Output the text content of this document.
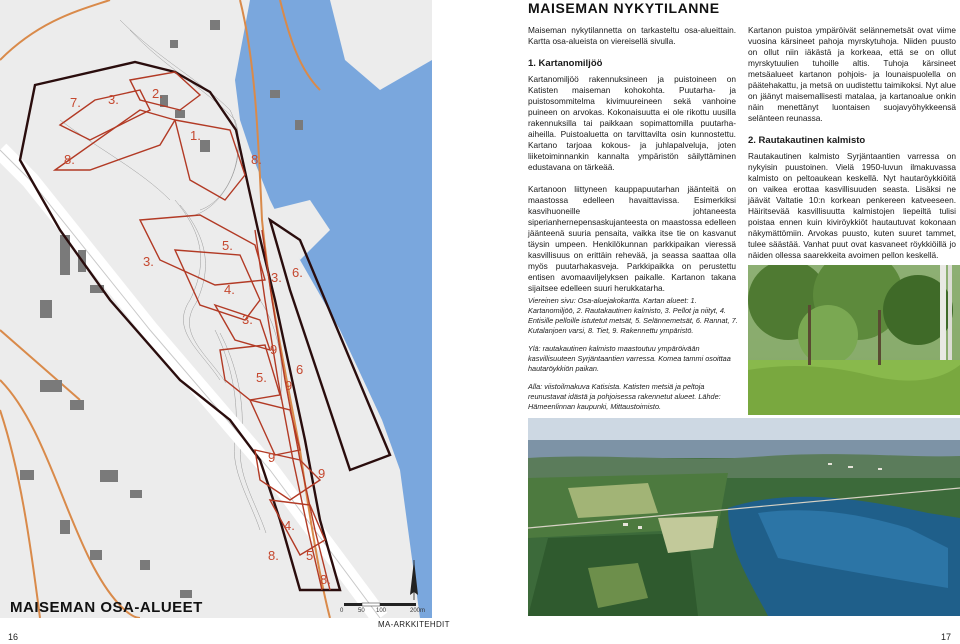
7. 3.	2.
1.
8.	8.
3.
5.
4.
3. 6.
3.
9
6
5.
9
9
9
4.
8. 5.
8.
MAISEMAN OSA-ALUEET	0 50 100	200m
MA-ARKKITEHDIT
16	17
MAISEMAN NYKYTILANNE

Maiseman nykytilannetta on tarkasteltu osa-alueittain. Kartta osa-alueista on viereisellä sivulla.

1. Kartanomiljöö

Kartanomiljöö rakennuksineen ja puistoineen on Katisten maiseman kohokohta. Puutarha- ja puistosommitelma kivimuureineen sekä vanhoine puineen on arvokas. Kokonaisuutta ei ole rikottu uusilla rakennuksilla tai paikkaan sopimattomilla puutarha-aiheilla. Puistoaluetta on tarvittavilta osin kunnostettu. Kartano tarjoaa kokous- ja juhlapalveluja, joten liiketoiminnankin kannalta ympäristön säilyttäminen edustavana on tärkeää.

Kartanoon liittyneen kauppapuutarhan jäänteitä on maastossa edelleen havaittavissa. Esimerkiksi kasvihuoneille johtaneesta siperianhernepensaskujanteesta on maastossa edelleen jäänteenä suuria pensaita, vaikka itse tie on kasvanut täysin umpeen. Henkilökunnan parkkipaikan vieressä kasvillisuus on erittäin rehevää, ja seassa saattaa olla myös puutarhakasveja. Parkkipaikka on perustettu entisen avomaaviljelyksen paikalle. Kartanon takana sijaitsee edelleen suuri herukkatarha.

Kartanon puistoa ympäröivät selännemetsät ovat viime vuosina kärsineet pahoja myrskytuhoja. Niiden puusto on ollut niin iäkästä ja korkeaa, että se on ollut myrskytuulien tuhoille altis. Tuhoja kärsineet metsäalueet kartanon pohjois- ja lounaispuolella on päätehakattu, ja metsä on uudistettu taimikoksi. Nyt alue on jäänyt maisemallisesti matalaa, ja kartanoalue onkin näin menettänyt luontaisen suojavyöhykkeensä selänteen reunassa.

2. Rautakautinen kalmisto

Rautakautinen kalmisto Syrjäntaantien varressa on nykyisin puustoinen. Vielä 1950-luvun ilmakuvassa kalmisto on peltoaukean keskellä. Nyt hautaröykkiöitä on vaikea erottaa kasvillisuuden seasta. Lisäksi ne jäävät Valtatie 10:n korkean penkereen katveeseen. Häiritsevää kasvillisuutta kalmistojen liepeiltä tulisi poistaa ennen kuin kiviröykkiöt hautautuvat kokonaan näkymättömiin. Arvokas puusto, kuten suuret tammet, tulee säästää. Vanhat puut ovat kasvaneet röykkiöillä jo näiden ollessa saarekkeita avoimen pellon keskellä.

Viereinen sivu: Osa-aluejakokartta. Kartan alueet: 1. Kartanomiljöö, 2. Rautakautinen kalmisto, 3. Pellot ja niityt, 4. Entisille pelloille istutetut metsät, 5. Selännemetsät, 6. Rannat, 7. Kutalanjoen varsi, 8. Tiet, 9. Rakennettu ympäristö.

Ylä: rautakautinen kalmisto maastoutuu ympäröivään kasvillisuuteen Syrjäntaantien varressa. Komea tammi osoittaa hautaröykkiön paikan.

Alla: viistoilmakuva Katisista. Katisten metsiä ja peltoja reunustavat idästä ja pohjoisessa rakennetut alueet. Lähde: Hämeenlinnan kaupunki, Mittaustoimisto.
